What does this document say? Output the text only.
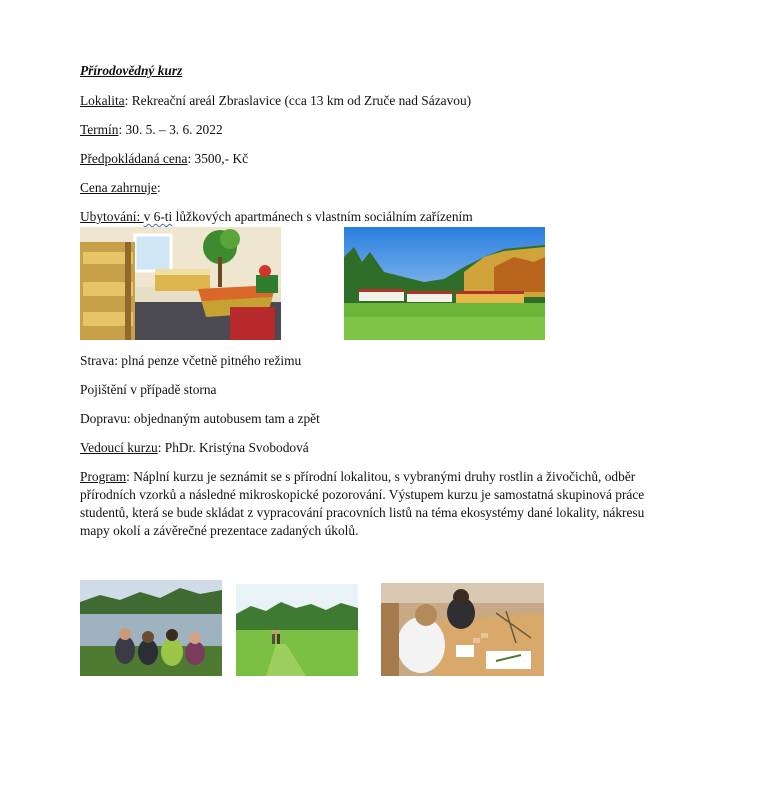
Přírodovědný kurz

Lokalita: Rekreační areál Zbraslavice (cca 13 km od Zruče nad Sázavou)

Termín: 30. 5. – 3. 6. 2022

Předpokládaná cena: 3500,- Kč

Cena zahrnuje:

Ubytování: v 6-ti lůžkových apartmánech s vlastním sociálním zařízením

Strava: plná penze včetně pitného režimu

Pojištění v případě storna

Dopravu: objednaným autobusem tam a zpět

Vedoucí kurzu: PhDr. Kristýna Svobodová

Program: Náplní kurzu je seznámit se s přírodní lokalitou, s vybranými druhy rostlin a živočichů, odběr přírodních vzorků a následné mikroskopické pozorování. Výstupem kurzu je samostatná skupinová práce studentů, která se bude skládat z vypracování pracovních listů na téma ekosystémy dané lokality, nákresu mapy okolí a závěrečné prezentace zadaných úkolů.
